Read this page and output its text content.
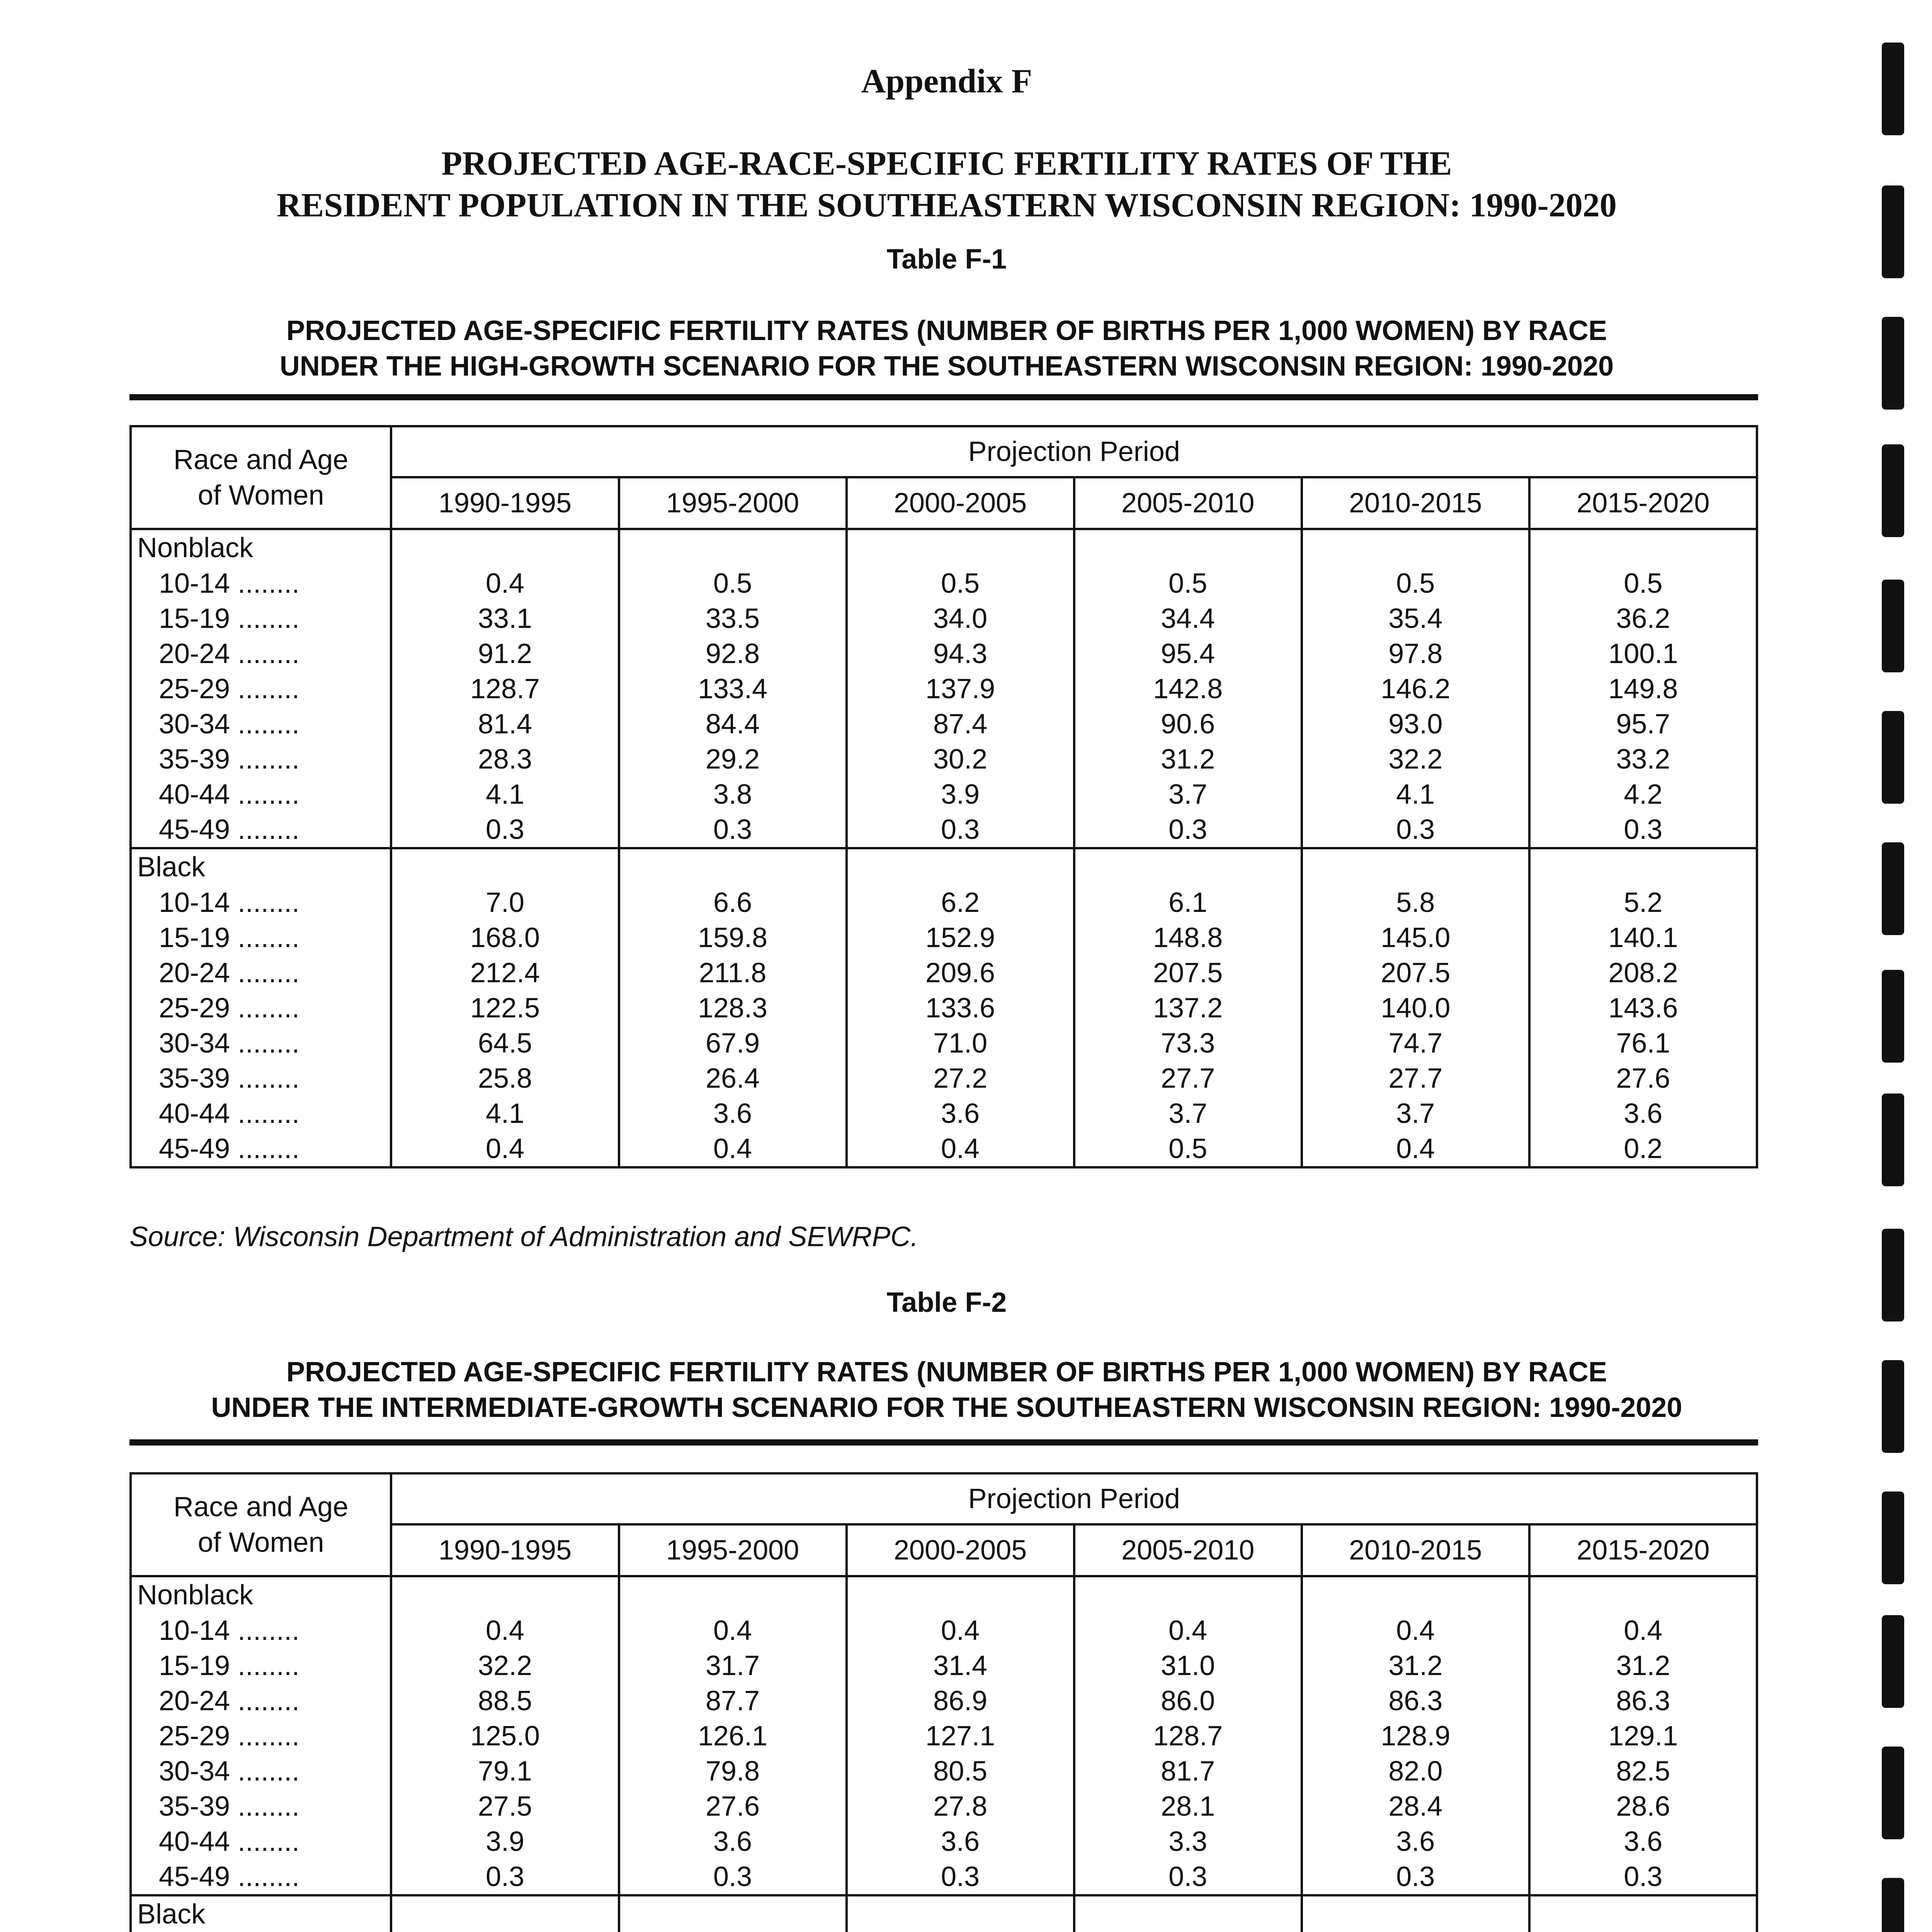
Appendix F
PROJECTED AGE-RACE-SPECIFIC FERTILITY RATES OF THE
RESIDENT POPULATION IN THE SOUTHEASTERN WISCONSIN REGION: 1990-2020
Table F-1
PROJECTED AGE-SPECIFIC FERTILITY RATES (NUMBER OF BIRTHS PER 1,000 WOMEN) BY RACE
UNDER THE HIGH-GROWTH SCENARIO FOR THE SOUTHEASTERN WISCONSIN REGION: 1990-2020
Race and Age
of Women	Projection Period					
	1990-1995	1995-2000	2000-2005	2005-2010	2010-2015	2015-2020
Nonblack						
10-14 ........	0.4	0.5	0.5	0.5	0.5	0.5
15-19 ........	33.1	33.5	34.0	34.4	35.4	36.2
20-24 ........	91.2	92.8	94.3	95.4	97.8	100.1
25-29 ........	128.7	133.4	137.9	142.8	146.2	149.8
30-34 ........	81.4	84.4	87.4	90.6	93.0	95.7
35-39 ........	28.3	29.2	30.2	31.2	32.2	33.2
40-44 ........	4.1	3.8	3.9	3.7	4.1	4.2
45-49 ........	0.3	0.3	0.3	0.3	0.3	0.3
Black						
10-14 ........	7.0	6.6	6.2	6.1	5.8	5.2
15-19 ........	168.0	159.8	152.9	148.8	145.0	140.1
20-24 ........	212.4	211.8	209.6	207.5	207.5	208.2
25-29 ........	122.5	128.3	133.6	137.2	140.0	143.6
30-34 ........	64.5	67.9	71.0	73.3	74.7	76.1
35-39 ........	25.8	26.4	27.2	27.7	27.7	27.6
40-44 ........	4.1	3.6	3.6	3.7	3.7	3.6
45-49 ........	0.4	0.4	0.4	0.5	0.4	0.2
Source: Wisconsin Department of Administration and SEWRPC.
Table F-2
PROJECTED AGE-SPECIFIC FERTILITY RATES (NUMBER OF BIRTHS PER 1,000 WOMEN) BY RACE
UNDER THE INTERMEDIATE-GROWTH SCENARIO FOR THE SOUTHEASTERN WISCONSIN REGION: 1990-2020
Race and Age
of Women	Projection Period					
	1990-1995	1995-2000	2000-2005	2005-2010	2010-2015	2015-2020
Nonblack						
10-14 ........	0.4	0.4	0.4	0.4	0.4	0.4
15-19 ........	32.2	31.7	31.4	31.0	31.2	31.2
20-24 ........	88.5	87.7	86.9	86.0	86.3	86.3
25-29 ........	125.0	126.1	127.1	128.7	128.9	129.1
30-34 ........	79.1	79.8	80.5	81.7	82.0	82.5
35-39 ........	27.5	27.6	27.8	28.1	28.4	28.6
40-44 ........	3.9	3.6	3.6	3.3	3.6	3.6
45-49 ........	0.3	0.3	0.3	0.3	0.3	0.3
Black						
